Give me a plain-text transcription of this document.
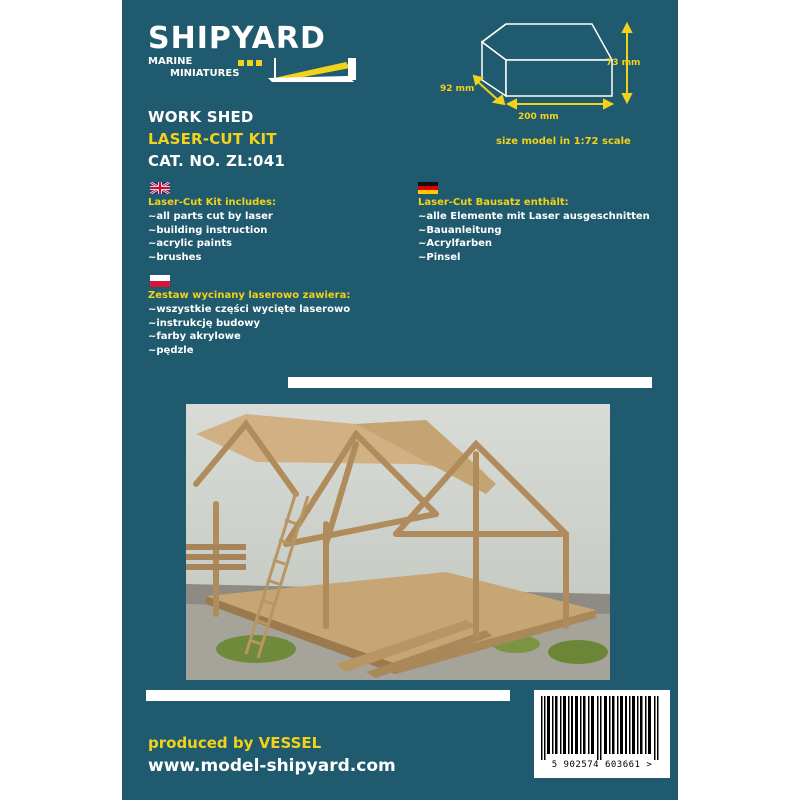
SHIPYARD
MARINE
MINIATURES
73 mm
92 mm
200 mm
size model in 1:72 scale
WORK SHED
LASER-CUT KIT
CAT. NO. ZL:041
Laser-Cut Kit includes:
~all parts cut by laser
~building instruction
~acrylic paints
~brushes
Laser-Cut Bausatz enthält:
~alle Elemente mit Laser ausgeschnitten
~Bauanleitung
~Acrylfarben
~Pinsel
Zestaw wycinany laserowo zawiera:
~wszystkie części wycięte laserowo
~instrukcję budowy
~farby akrylowe
~pędzle
5 902574 603661 >
produced by VESSEL
www.model-shipyard.com
